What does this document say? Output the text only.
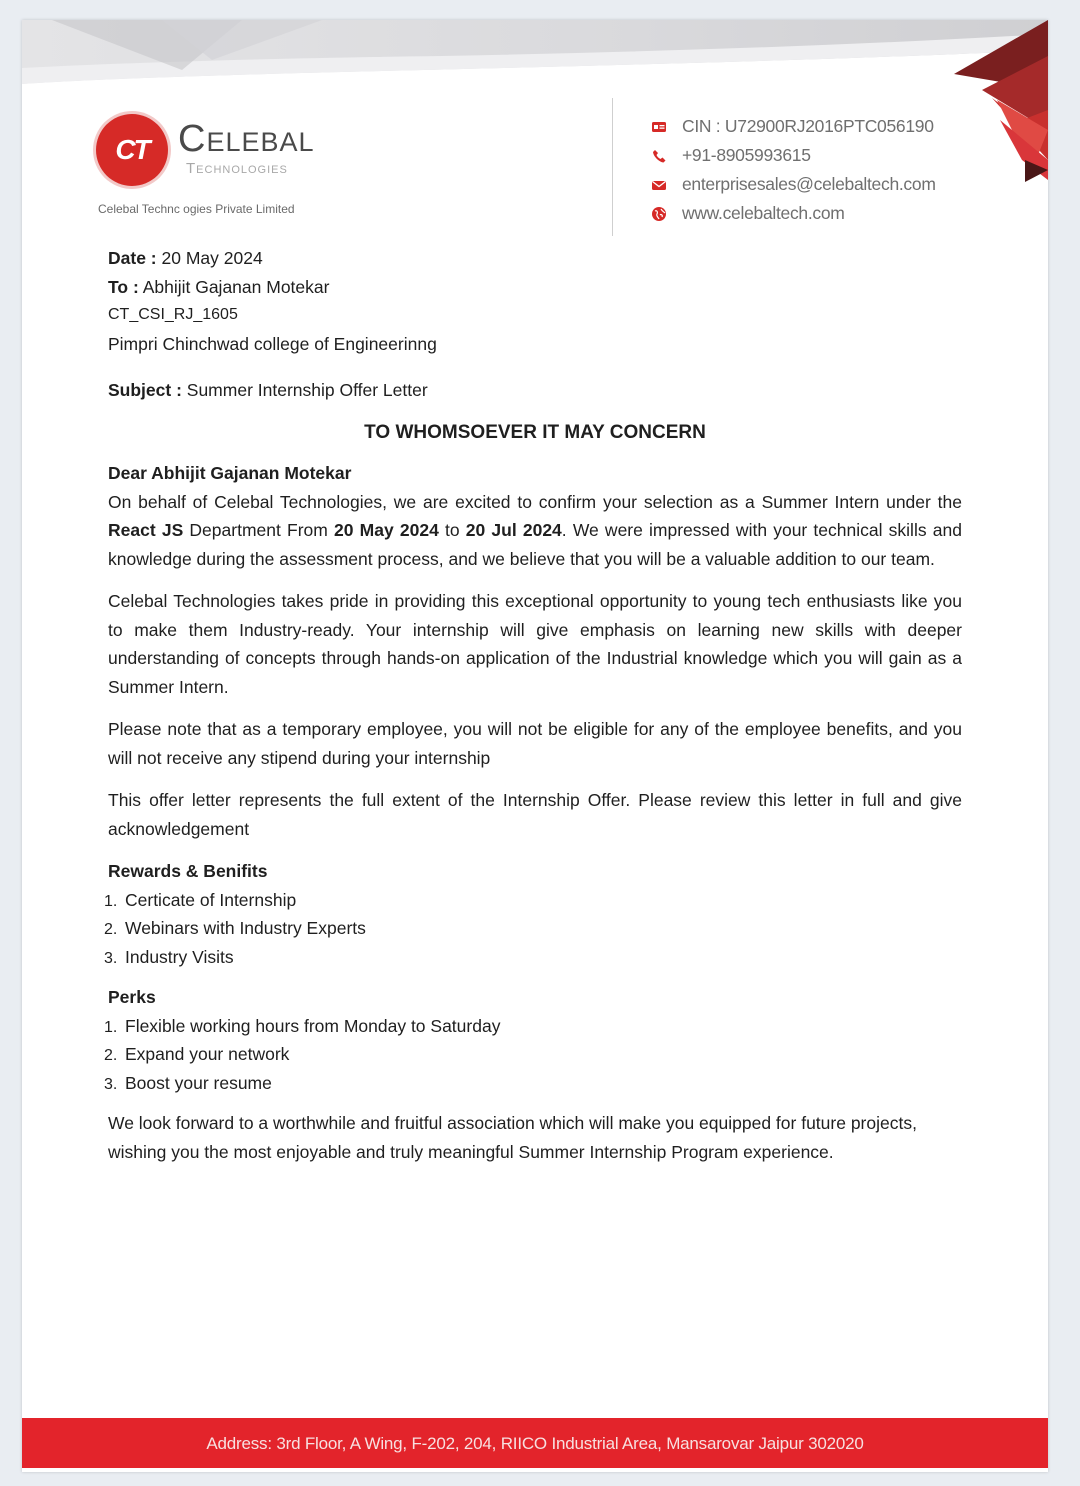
CT Celebal
Technologies
Celebal Technc ogies Private Limited
CIN : U72900RJ2016PTC056190
+91-8905993615
enterprisesales@celebaltech.com
www.celebaltech.com
Date : 20 May 2024
To : Abhijit Gajanan Motekar
CT_CSI_RJ_1605
Pimpri Chinchwad college of Engineerinng
Subject : Summer Internship Offer Letter
TO WHOMSOEVER IT MAY CONCERN
Dear Abhijit Gajanan Motekar

On behalf of Celebal Technologies, we are excited to confirm your selection as a Summer Intern under the React JS Department From 20 May 2024 to 20 Jul 2024. We were impressed with your technical skills and knowledge during the assessment process, and we believe that you will be a valuable addition to our team.

Celebal Technologies takes pride in providing this exceptional opportunity to young tech enthusiasts like you to make them Industry-ready. Your internship will give emphasis on learning new skills with deeper understanding of concepts through hands-on application of the Industrial knowledge which you will gain as a Summer Intern.

Please note that as a temporary employee, you will not be eligible for any of the employee benefits, and you will not receive any stipend during your internship

This offer letter represents the full extent of the Internship Offer. Please review this letter in full and give acknowledgement

Rewards & Benifits
1. Certicate of Internship
2. Webinars with Industry Experts
3. Industry Visits
Perks
1. Flexible working hours from Monday to Saturday
2. Expand your network
3. Boost your resume

We look forward to a worthwhile and fruitful association which will make you equipped for future projects, wishing you the most enjoyable and truly meaningful Summer Internship Program experience.

Address: 3rd Floor, A Wing, F-202, 204, RIICO Industrial Area, Mansarovar Jaipur 302020
